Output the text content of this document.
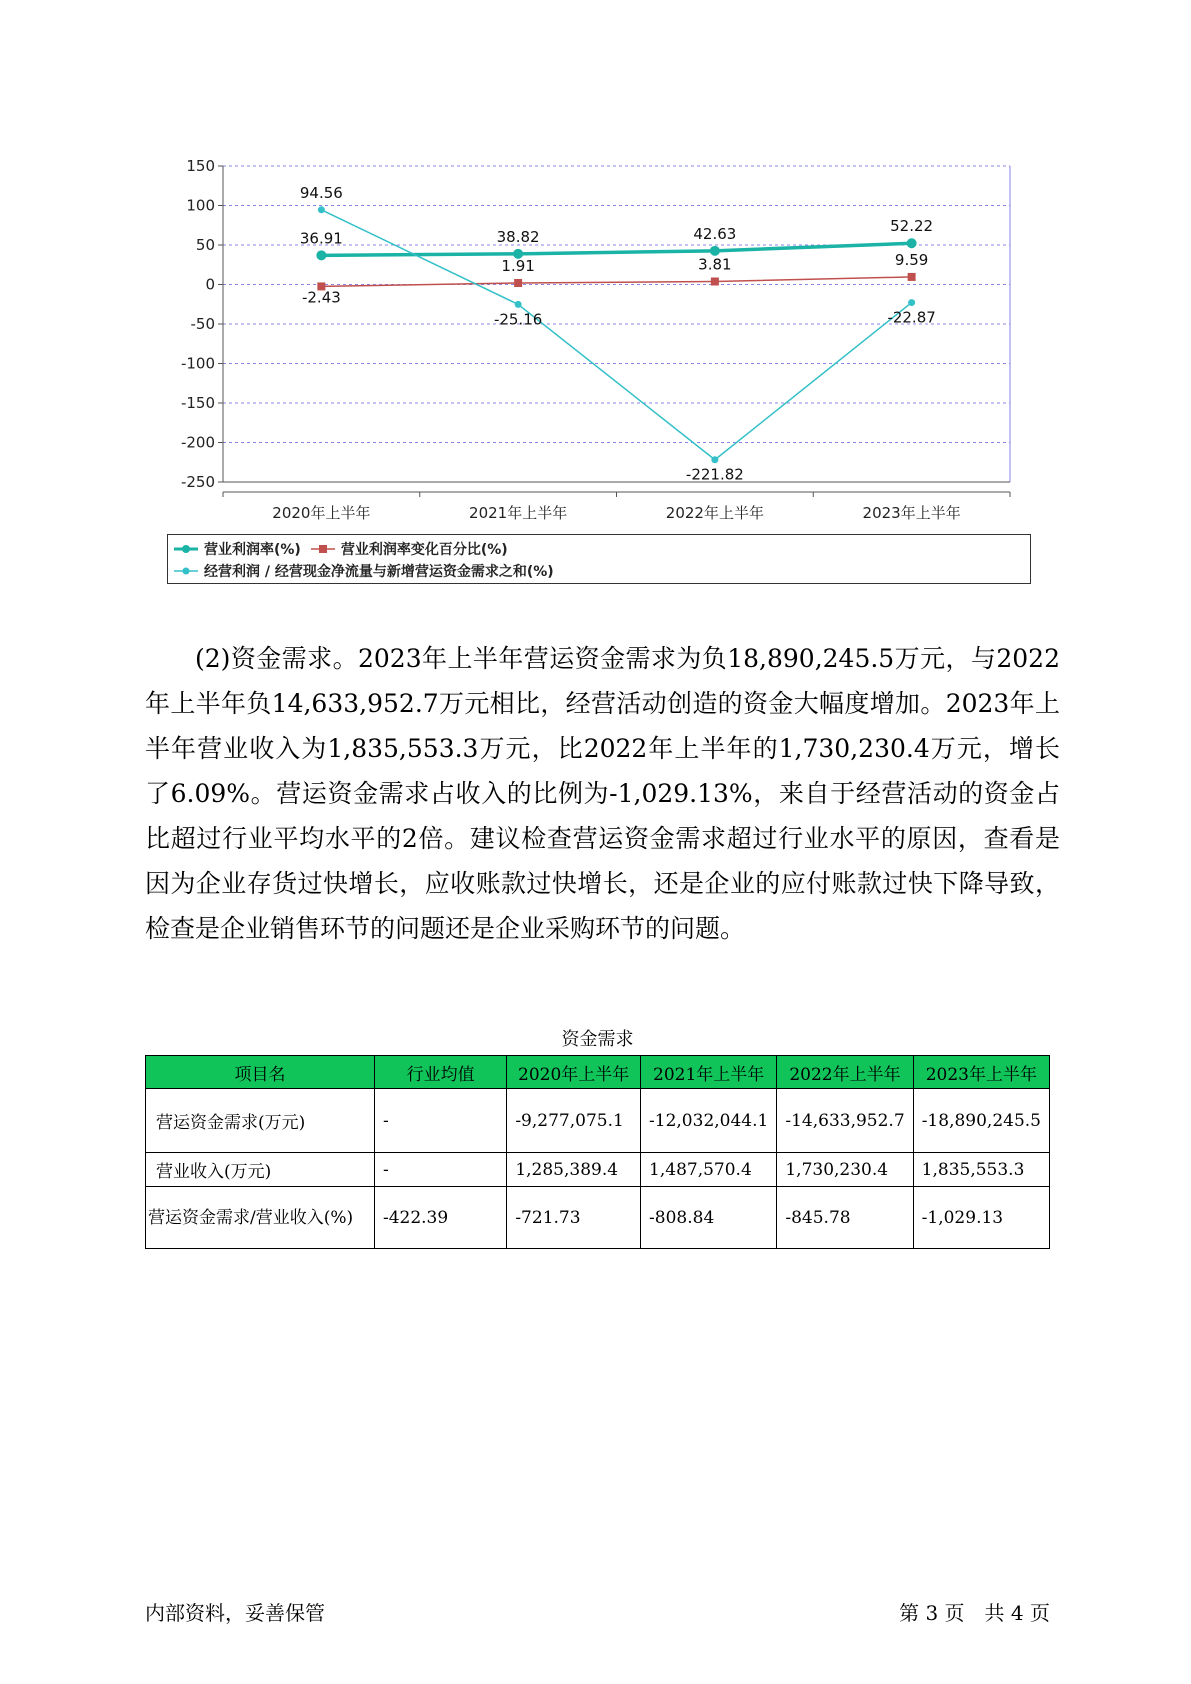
150
100
50
0
-50
-100
-150
-200
-250
2020年上半年	2021年上半年	2022年上半年	2023年上半年
36.91	38.82	42.63	52.22
-2.43
1.91	3.81	9.59
94.56
-25.16
-221.82
-22.87
营业利润率(%)	营业利润率变化百分比(%)
经营利润 / 经营现金净流量与新增营运资金需求之和(%)

(2)资金需求。2023年上半年营运资金需求为负18,890,245.5万元，与2022年上半年负14,633,952.7万元相比，经营活动创造的资金大幅度增加。2023年上半年营业收入为1,835,553.3万元，比2022年上半年的1,730,230.4万元，增长了6.09%。营运资金需求占收入的比例为-1,029.13%，来自于经营活动的资金占比超过行业平均水平的2倍。建议检查营运资金需求超过行业水平的原因，查看是因为企业存货过快增长，应收账款过快增长，还是企业的应付账款过快下降导致，检查是企业销售环节的问题还是企业采购环节的问题。

资金需求
项目名	行业均值	2020年上半年	2021年上半年	2022年上半年	2023年上半年
营运资金需求(万元)	-	-9,277,075.1	-12,032,044.1	-14,633,952.7	-18,890,245.5
营业收入(万元)	-	1,285,389.4	1,487,570.4	1,730,230.4	1,835,553.3
营运资金需求/营业收入(%)	-422.39	-721.73	-808.84	-845.78	-1,029.13
内部资料，妥善保管	第 3 页　共 4 页
